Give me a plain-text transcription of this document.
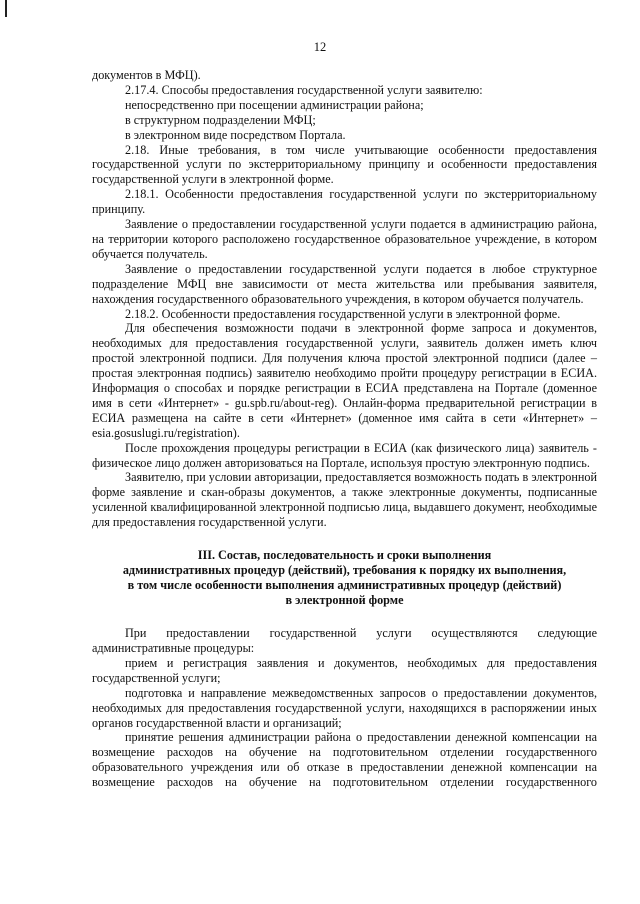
12

документов в МФЦ).

2.17.4. Способы предоставления государственной услуги заявителю:

непосредственно при посещении администрации района;

в структурном подразделении МФЦ;

в электронном виде посредством Портала.

2.18. Иные требования, в том числе учитывающие особенности предоставления государственной услуги по экстерриториальному принципу и особенности предоставления государственной услуги в электронной форме.

2.18.1. Особенности предоставления государственной услуги по экстерриториальному принципу.

Заявление о предоставлении государственной услуги подается в администрацию района, на территории которого расположено государственное образовательное учреждение, в котором обучается получатель.

Заявление о предоставлении государственной услуги подается в любое структурное подразделение МФЦ вне зависимости от места жительства или пребывания заявителя, нахождения государственного образовательного учреждения, в котором обучается получатель.

2.18.2. Особенности предоставления государственной услуги в электронной форме.

Для обеспечения возможности подачи в электронной форме запроса и документов, необходимых для предоставления государственной услуги, заявитель должен иметь ключ простой электронной подписи. Для получения ключа простой электронной подписи (далее – простая электронная подпись) заявителю необходимо пройти процедуру регистрации в ЕСИА. Информация о способах и порядке регистрации в ЕСИА представлена на Портале (доменное имя в сети «Интернет» - gu.spb.ru/about-reg). Онлайн-форма предварительной регистрации в ЕСИА размещена на сайте в сети «Интернет» (доменное имя сайта в сети «Интернет» – esia.gosuslugi.ru/registration).

После прохождения процедуры регистрации в ЕСИА (как физического лица) заявитель - физическое лицо должен авторизоваться на Портале, используя простую электронную подпись.

Заявителю, при условии авторизации, предоставляется возможность подать в электронной форме заявление и скан-образы документов, а также электронные документы, подписанные усиленной квалифицированной электронной подписью лица, выдавшего документ, необходимые для предоставления государственной услуги.

III. Состав, последовательность и сроки выполнения
административных процедур (действий), требования к порядку их выполнения,
в том числе особенности выполнения административных процедур (действий)
в электронной форме

При предоставлении государственной услуги осуществляются следующие административные процедуры:

прием и регистрация заявления и документов, необходимых для предоставления государственной услуги;

подготовка и направление межведомственных запросов о предоставлении документов, необходимых для предоставления государственной услуги, находящихся в распоряжении иных органов государственной власти и организаций;

принятие решения администрации района о предоставлении денежной компенсации на возмещение расходов на обучение на подготовительном отделении государственного образовательного учреждения или об отказе в предоставлении денежной компенсации на возмещение расходов на обучение на подготовительном отделении государственного
